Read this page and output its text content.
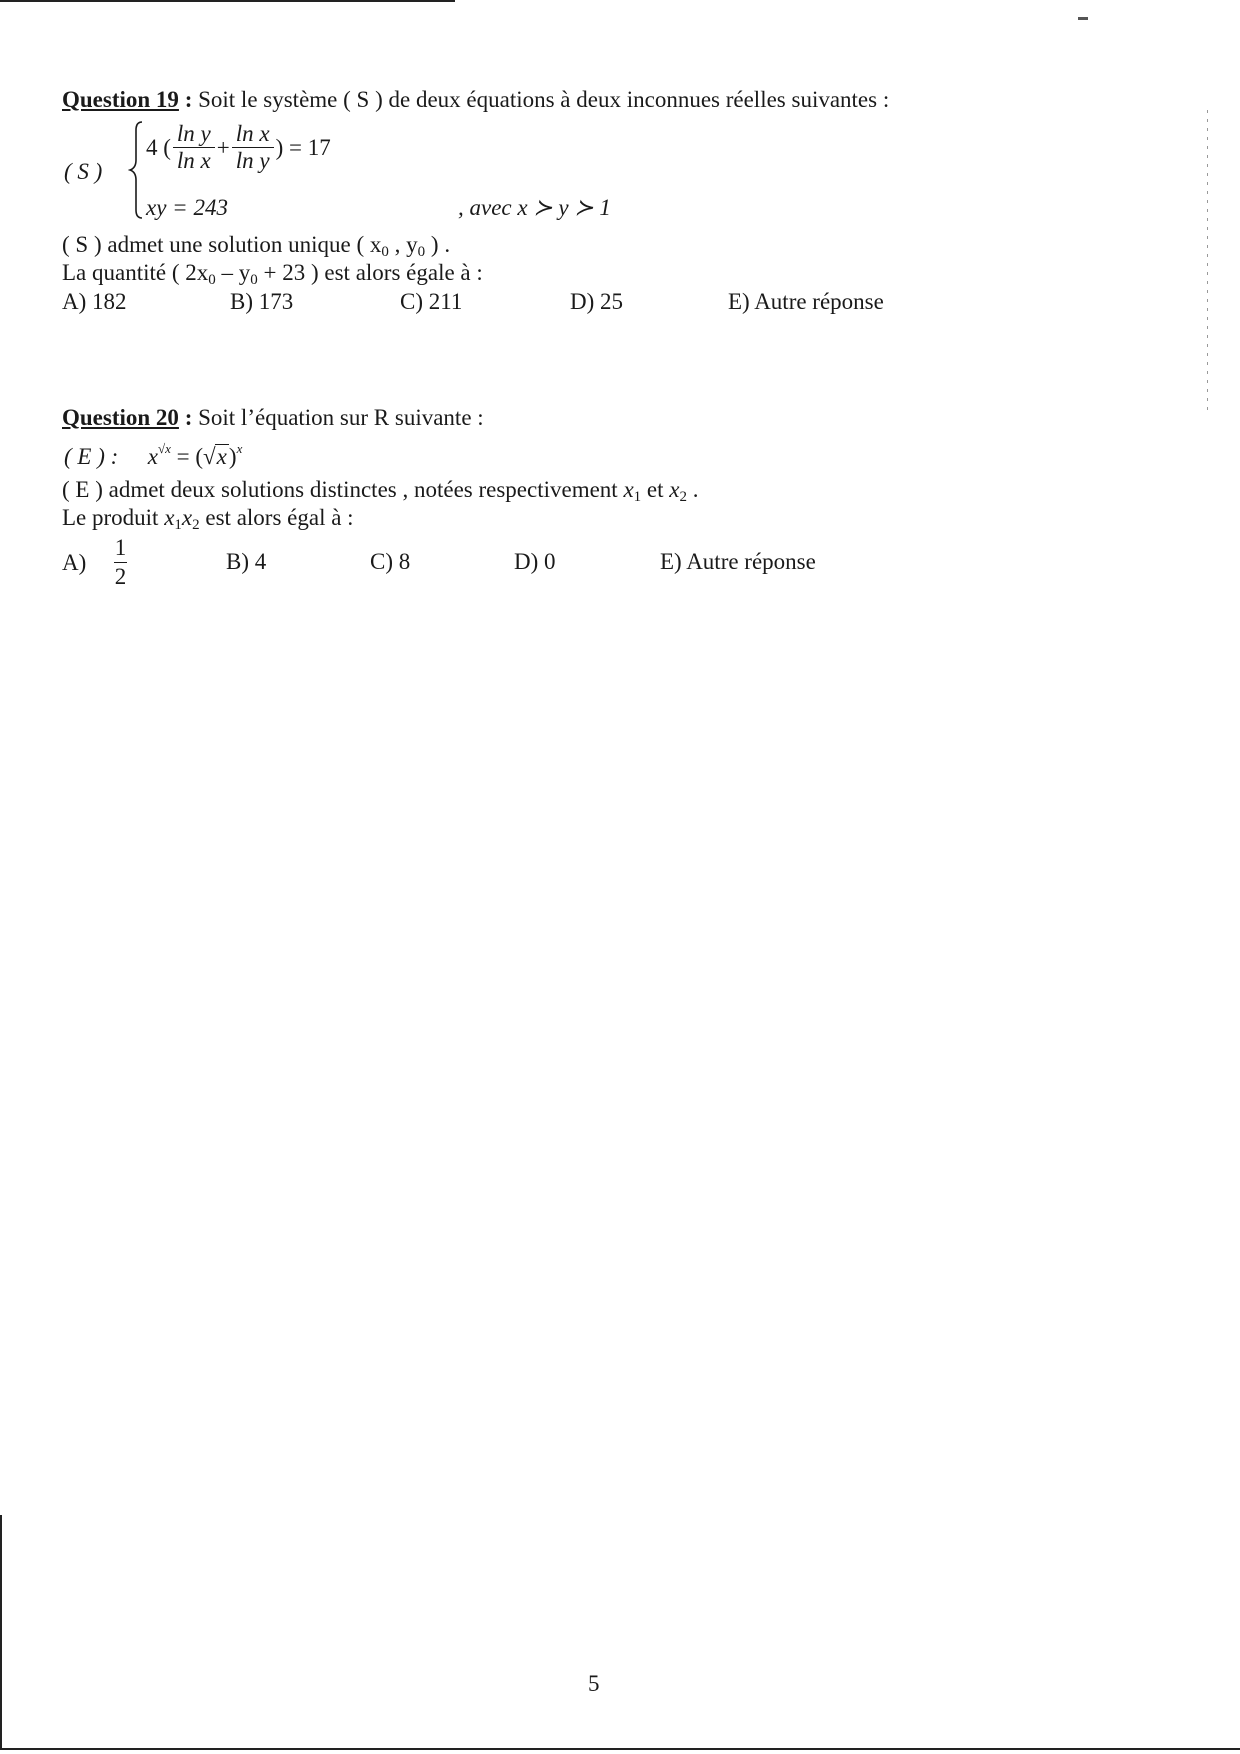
Question 19 : Soit le système ( S ) de deux équations à deux inconnues réelles suivantes :
( S )
4 ( $\frac{\text{ln y}}{\text{ln x}} + \frac{\text{ln x}}{\text{ln y}}$ ) = 17
xy = 243	, avec x ≻ y ≻ 1
( S ) admet une solution unique ( $x_0$ , $y_0$ ) .
La quantité ( $2x_0 - y_0 + 23$ ) est alors égale à :
A) 182	B) 173	C) 211	D) 25	E) Autre réponse
Question 20 : Soit l’équation sur R suivante :
( E ) : $x^{√x} = (√x)^x$
( E ) admet deux solutions distinctes , notées respectivement $x_1$ et $x_2$ .
Le produit $x_1x_2$ est alors égal à :
$A) \frac{1}{2}$	B) 4	C) 8	D) 0	E) Autre réponse
5
